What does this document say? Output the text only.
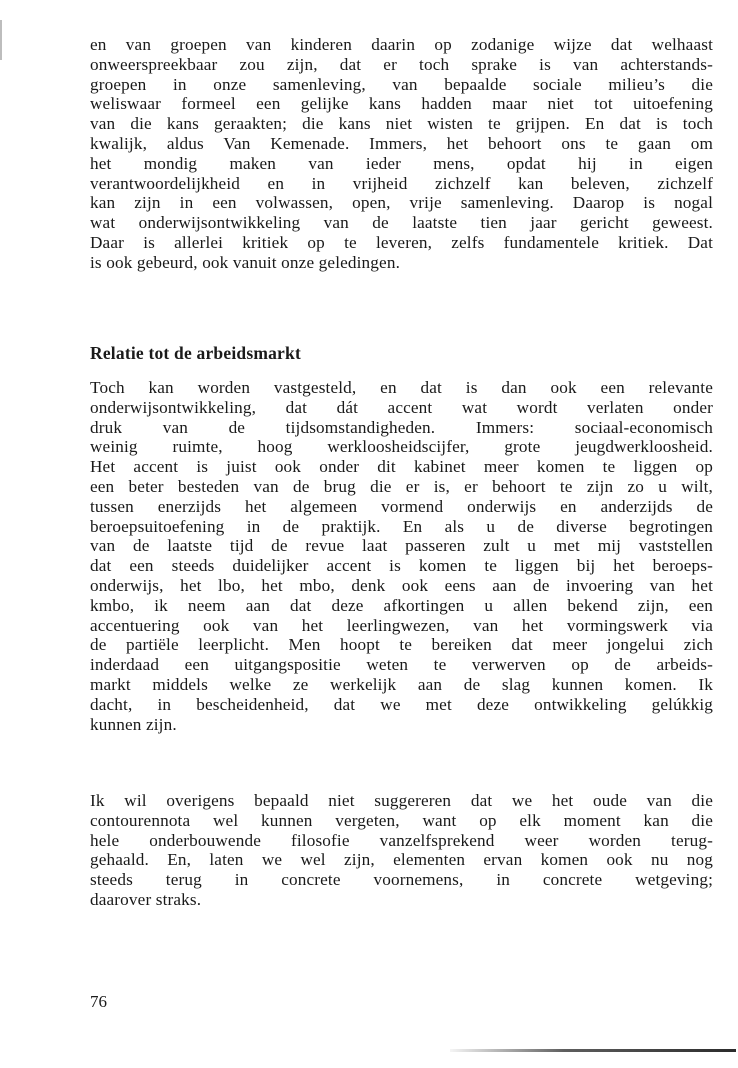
en van groepen van kinderen daarin op zodanige wijze dat welhaast
onweerspreekbaar zou zijn, dat er toch sprake is van achterstands-
groepen in onze samenleving, van bepaalde sociale milieu’s die
weliswaar formeel een gelijke kans hadden maar niet tot uitoefening
van die kans geraakten; die kans niet wisten te grijpen. En dat is toch
kwalijk, aldus Van Kemenade. Immers, het behoort ons te gaan om
het mondig maken van ieder mens, opdat hij in eigen
verantwoordelijkheid en in vrijheid zichzelf kan beleven, zichzelf
kan zijn in een volwassen, open, vrije samenleving. Daarop is nogal
wat onderwijsontwikkeling van de laatste tien jaar gericht geweest.
Daar is allerlei kritiek op te leveren, zelfs fundamentele kritiek. Dat
is ook gebeurd, ook vanuit onze geledingen.
Relatie tot de arbeidsmarkt
Toch kan worden vastgesteld, en dat is dan ook een relevante
onderwijsontwikkeling, dat dát accent wat wordt verlaten onder
druk van de tijdsomstandigheden. Immers: sociaal-economisch
weinig ruimte, hoog werkloosheidscijfer, grote jeugdwerkloosheid.
Het accent is juist ook onder dit kabinet meer komen te liggen op
een beter besteden van de brug die er is, er behoort te zijn zo u wilt,
tussen enerzijds het algemeen vormend onderwijs en anderzijds de
beroepsuitoefening in de praktijk. En als u de diverse begrotingen
van de laatste tijd de revue laat passeren zult u met mij vaststellen
dat een steeds duidelijker accent is komen te liggen bij het beroeps-
onderwijs, het lbo, het mbo, denk ook eens aan de invoering van het
kmbo, ik neem aan dat deze afkortingen u allen bekend zijn, een
accentuering ook van het leerlingwezen, van het vormingswerk via
de partiële leerplicht. Men hoopt te bereiken dat meer jongelui zich
inderdaad een uitgangspositie weten te verwerven op de arbeids-
markt middels welke ze werkelijk aan de slag kunnen komen. Ik
dacht, in bescheidenheid, dat we met deze ontwikkeling gelúkkig
kunnen zijn.
Ik wil overigens bepaald niet suggereren dat we het oude van die
contourennota wel kunnen vergeten, want op elk moment kan die
hele onderbouwende filosofie vanzelfsprekend weer worden terug-
gehaald. En, laten we wel zijn, elementen ervan komen ook nu nog
steeds terug in concrete voornemens, in concrete wetgeving;
daarover straks.

76
